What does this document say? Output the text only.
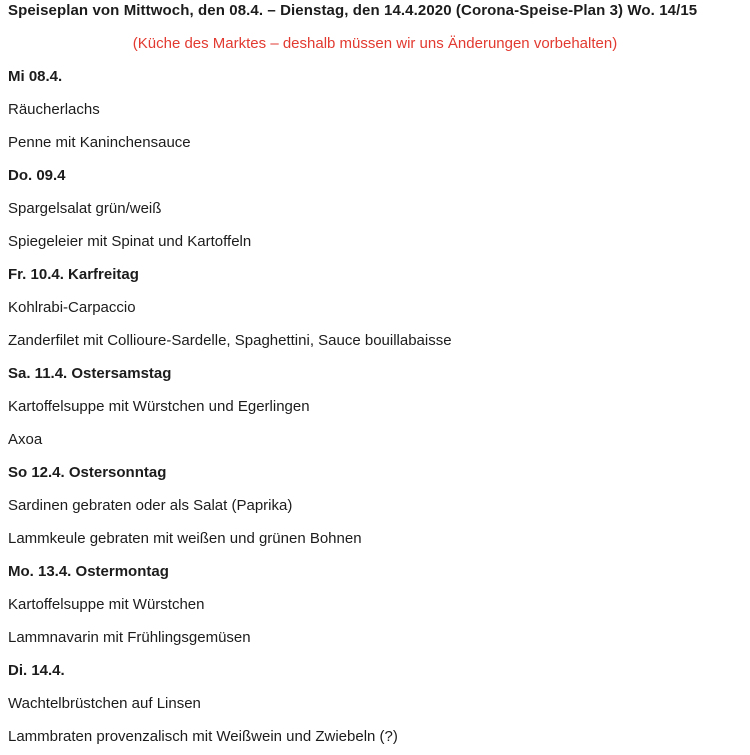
Speiseplan von Mittwoch, den 08.4. – Dienstag, den 14.4.2020 (Corona-Speise-Plan 3) Wo. 14/15

(Küche des Marktes – deshalb müssen wir uns Änderungen vorbehalten)

Mi 08.4.

Räucherlachs

Penne mit Kaninchensauce

Do. 09.4

Spargelsalat grün/weiß

Spiegeleier mit Spinat und Kartoffeln

Fr. 10.4. Karfreitag

Kohlrabi-Carpaccio

Zanderfilet mit Collioure-Sardelle, Spaghettini, Sauce bouillabaisse

Sa. 11.4. Ostersamstag

Kartoffelsuppe mit Würstchen und Egerlingen

Axoa

So 12.4. Ostersonntag

Sardinen gebraten oder als Salat (Paprika)

Lammkeule gebraten mit weißen und grünen Bohnen

Mo. 13.4. Ostermontag

Kartoffelsuppe mit Würstchen

Lammnavarin mit Frühlingsgemüsen

Di. 14.4.

Wachtelbrüstchen auf Linsen

Lammbraten provenzalisch mit Weißwein und Zwiebeln (?)
